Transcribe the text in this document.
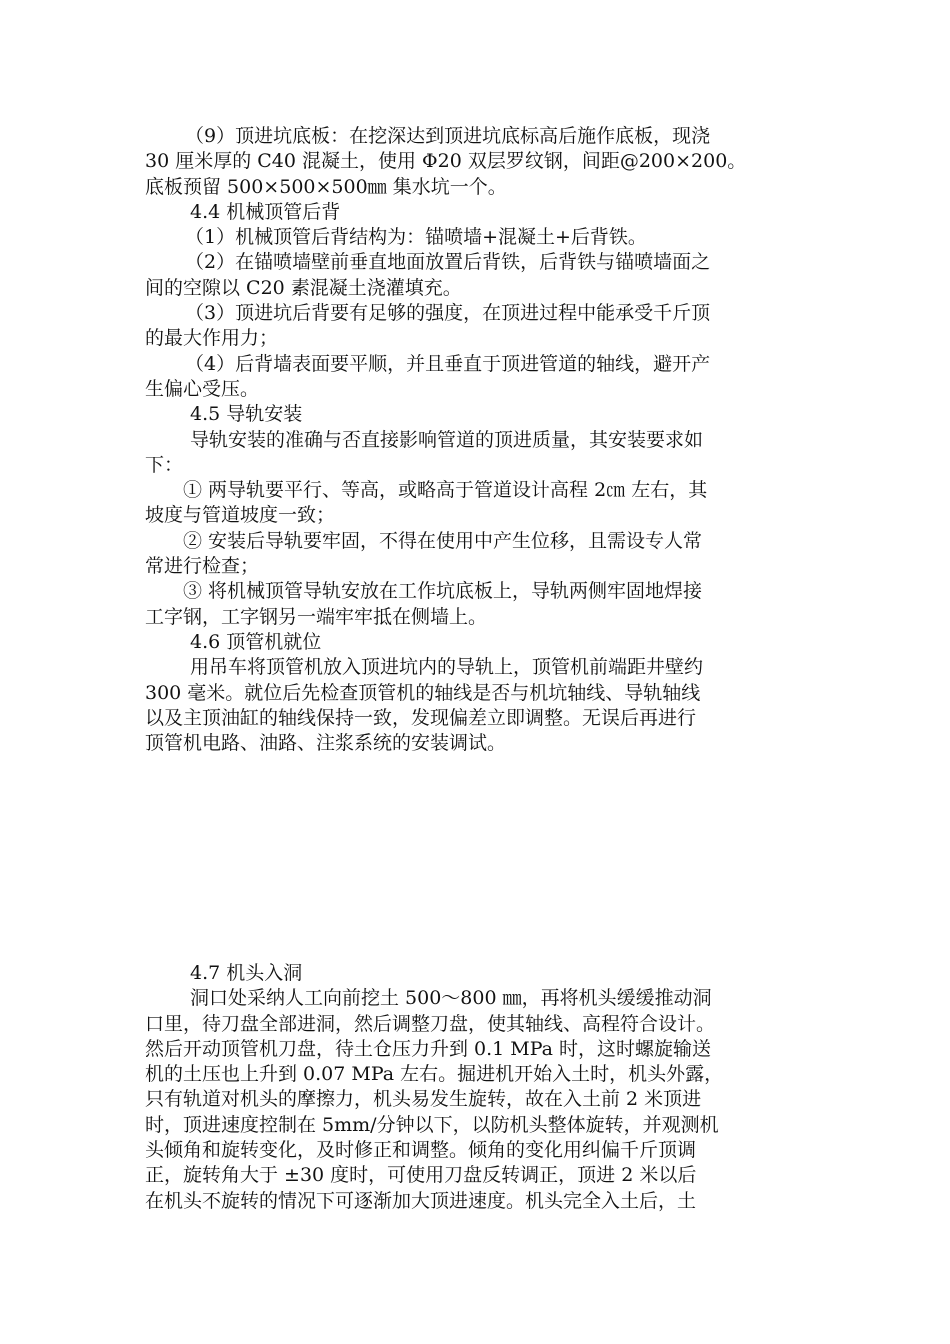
（9）顶进坑底板：在挖深达到顶进坑底标高后施作底板，现浇
30 厘米厚的 C40 混凝土，使用 Φ20 双层罗纹钢，间距@200×200。
底板预留 500×500×500㎜ 集水坑一个。
4.4 机械顶管后背
（1）机械顶管后背结构为：锚喷墙+混凝土+后背铁。
（2）在锚喷墙壁前垂直地面放置后背铁，后背铁与锚喷墙面之
间的空隙以 C20 素混凝土浇灌填充。
（3）顶进坑后背要有足够的强度，在顶进过程中能承受千斤顶
的最大作用力；
（4）后背墙表面要平顺，并且垂直于顶进管道的轴线，避开产
生偏心受压。
4.5 导轨安装
导轨安装的准确与否直接影响管道的顶进质量，其安装要求如
下：
① 两导轨要平行、等高，或略高于管道设计高程 2㎝ 左右，其
坡度与管道坡度一致；
② 安装后导轨要牢固，不得在使用中产生位移，且需设专人常
常进行检查；
③ 将机械顶管导轨安放在工作坑底板上，导轨两侧牢固地焊接
工字钢，工字钢另一端牢牢抵在侧墙上。
4.6 顶管机就位
用吊车将顶管机放入顶进坑内的导轨上，顶管机前端距井壁约
300 毫米。就位后先检查顶管机的轴线是否与机坑轴线、导轨轴线
以及主顶油缸的轴线保持一致，发现偏差立即调整。无误后再进行
顶管机电路、油路、注浆系统的安装调试。
4.7 机头入洞
洞口处采纳人工向前挖土 500～800 ㎜，再将机头缓缓推动洞
口里，待刀盘全部进洞，然后调整刀盘，使其轴线、高程符合设计。
然后开动顶管机刀盘，待土仓压力升到 0.1 MPa 时，这时螺旋输送
机的土压也上升到 0.07 MPa 左右。掘进机开始入土时，机头外露，
只有轨道对机头的摩擦力，机头易发生旋转，故在入土前 2 米顶进
时，顶进速度控制在 5mm/分钟以下，以防机头整体旋转，并观测机
头倾角和旋转变化，及时修正和调整。倾角的变化用纠偏千斤顶调
正，旋转角大于 ±30 度时，可使用刀盘反转调正，顶进 2 米以后
在机头不旋转的情况下可逐渐加大顶进速度。机头完全入土后，土
